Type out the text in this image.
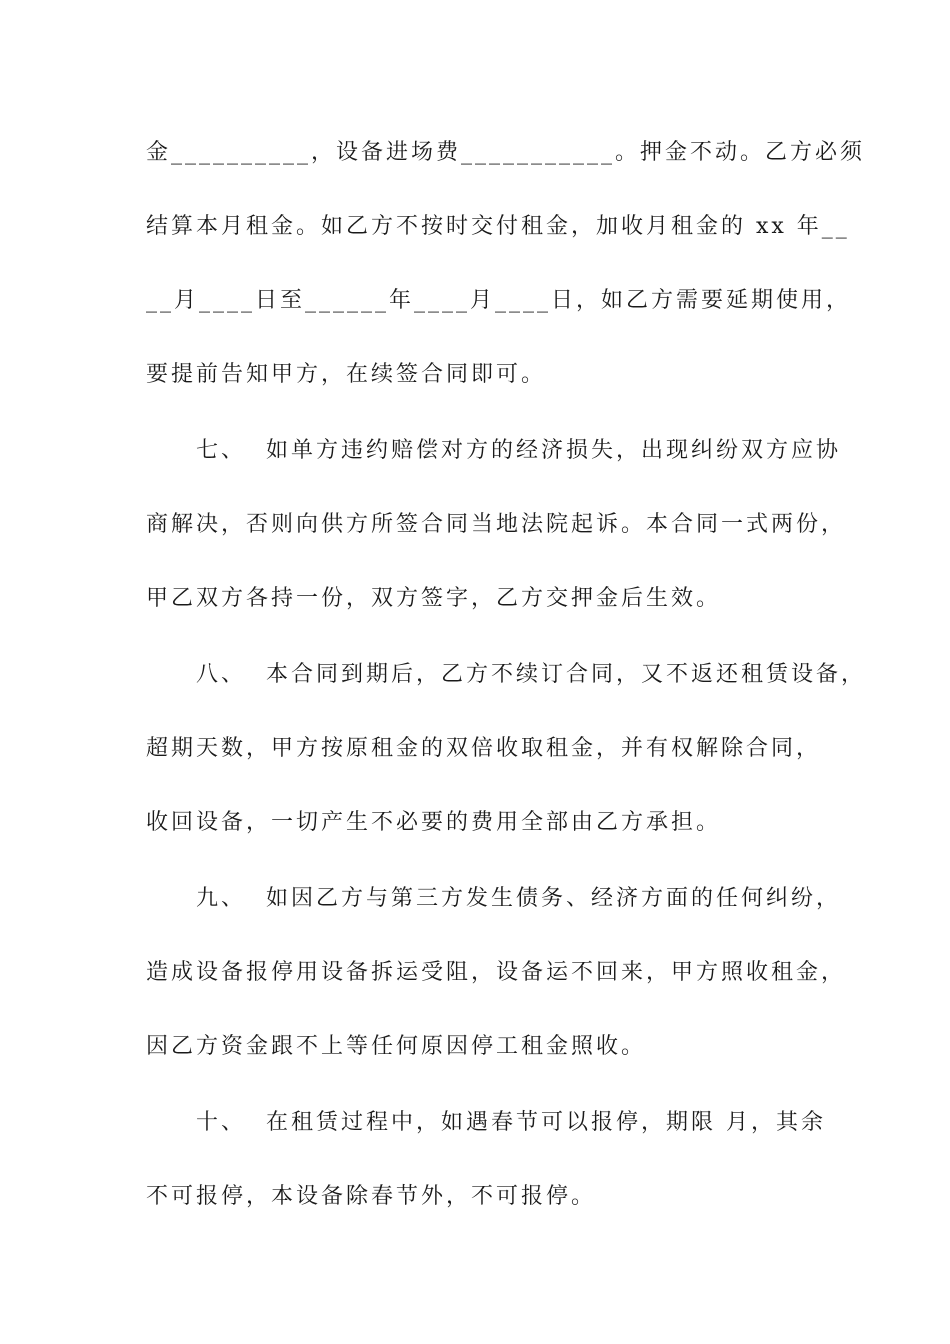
金__________，设备进场费___________。押金不动。乙方必须
结算本月租金。如乙方不按时交付租金，加收月租金的 xx 年__
__月____日至______年____月____日，如乙方需要延期使用，
要提前告知甲方，在续签合同即可。
七、  如单方违约赔偿对方的经济损失，出现纠纷双方应协
商解决，否则向供方所签合同当地法院起诉。本合同一式两份，
甲乙双方各持一份，双方签字，乙方交押金后生效。
八、  本合同到期后，乙方不续订合同，又不返还租赁设备，
超期天数，甲方按原租金的双倍收取租金，并有权解除合同，
收回设备，一切产生不必要的费用全部由乙方承担。
九、  如因乙方与第三方发生债务、经济方面的任何纠纷，
造成设备报停用设备拆运受阻，设备运不回来，甲方照收租金，
因乙方资金跟不上等任何原因停工租金照收。
十、  在租赁过程中，如遇春节可以报停，期限 月，其余
不可报停，本设备除春节外，不可报停。
